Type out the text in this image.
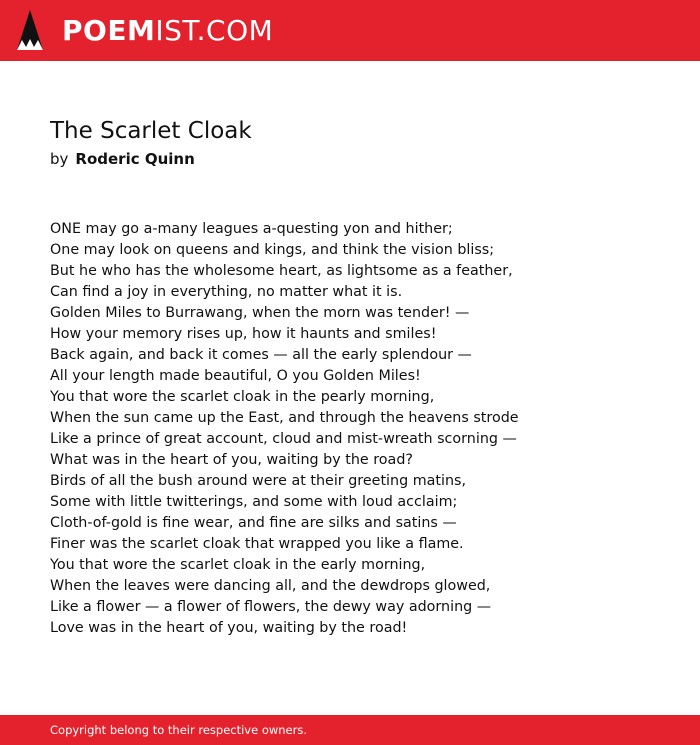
POEMIST.COM
The Scarlet Cloak
by Roderic Quinn
ONE may go a-many leagues a-questing yon and hither;
One may look on queens and kings, and think the vision bliss;
But he who has the wholesome heart, as lightsome as a feather,
Can find a joy in everything, no matter what it is.
Golden Miles to Burrawang, when the morn was tender! —
How your memory rises up, how it haunts and smiles!
Back again, and back it comes — all the early splendour —
All your length made beautiful, O you Golden Miles!
You that wore the scarlet cloak in the pearly morning,
When the sun came up the East, and through the heavens strode
Like a prince of great account, cloud and mist-wreath scorning —
What was in the heart of you, waiting by the road?
Birds of all the bush around were at their greeting matins,
Some with little twitterings, and some with loud acclaim;
Cloth-of-gold is fine wear, and fine are silks and satins —
Finer was the scarlet cloak that wrapped you like a flame.
You that wore the scarlet cloak in the early morning,
When the leaves were dancing all, and the dewdrops glowed,
Like a flower — a flower of flowers, the dewy way adorning —
Love was in the heart of you, waiting by the road!
Copyright belong to their respective owners.
